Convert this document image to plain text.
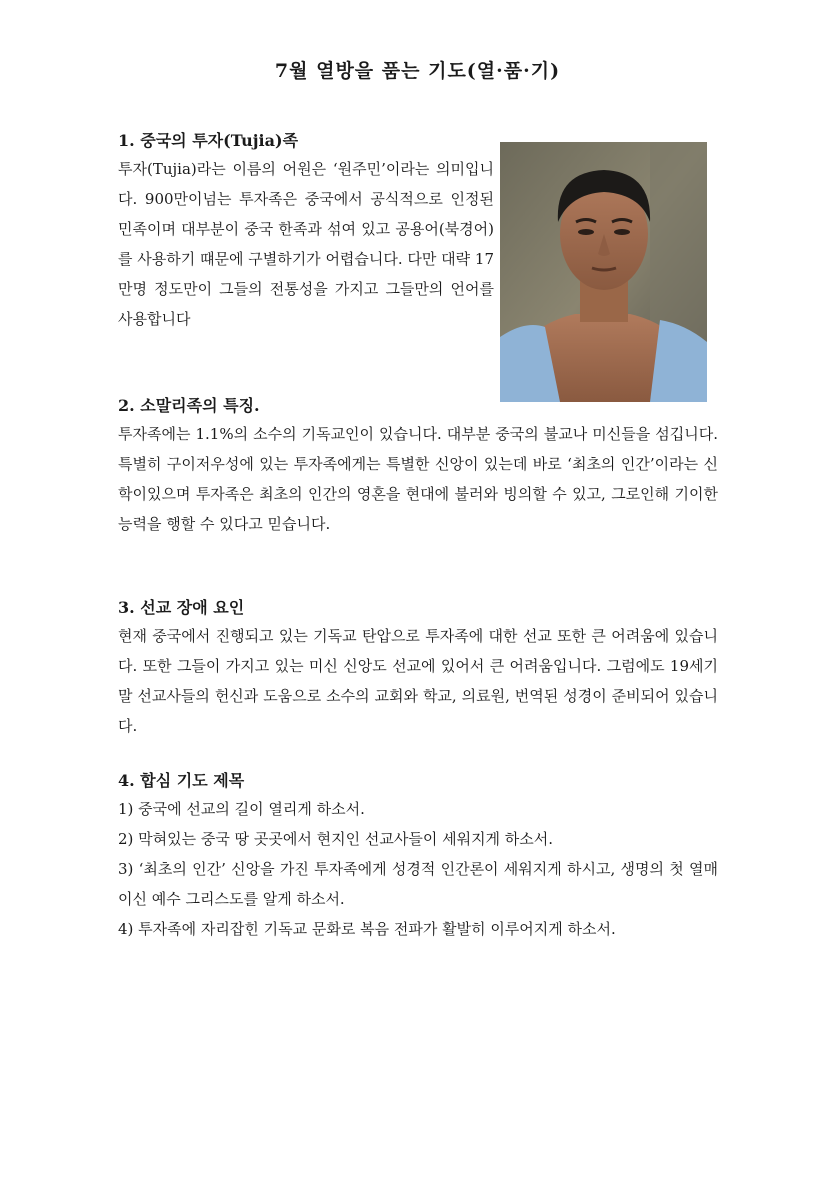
7월 열방을 품는 기도(열·품·기)

1. 중국의 투자(Tujia)족

투자(Tujia)라는 이름의 어원은 ‘원주민’이라는 의미입니다. 900만이넘는 투자족은 중국에서 공식적으로 인정된 민족이며 대부분이 중국 한족과 섞여 있고 공용어(북경어)를 사용하기 떄문에 구별하기가 어렵습니다. 다만 대략 17만명 정도만이 그들의 전통성을 가지고 그들만의 언어를 사용합니다

2. 소말리족의 특징.

투자족에는 1.1%의 소수의 기독교인이 있습니다. 대부분 중국의 불교나 미신들을 섬깁니다. 특별히 구이저우성에 있는 투자족에게는 특별한 신앙이 있는데 바로 ‘최초의 인간’이라는 신학이있으며 투자족은 최초의 인간의 영혼을 현대에 불러와 빙의할 수 있고, 그로인해 기이한 능력을 행할 수 있다고 믿습니다.

3. 선교 장애 요인

현재 중국에서 진행되고 있는 기독교 탄압으로 투자족에 대한 선교 또한 큰 어려움에 있습니다. 또한 그들이 가지고 있는 미신 신앙도 선교에 있어서 큰 어려움입니다. 그럼에도 19세기말 선교사들의 헌신과 도움으로 소수의 교회와 학교, 의료원, 번역된 성경이 준비되어 있습니다.

4. 합심 기도 제목

1) 중국에 선교의 길이 열리게 하소서.

2) 막혀있는 중국 땅 곳곳에서 현지인 선교사들이 세워지게 하소서.

3) ‘최초의 인간’ 신앙을 가진 투자족에게 성경적 인간론이 세워지게 하시고, 생명의 첫 열매이신 예수 그리스도를 알게 하소서.

4) 투자족에 자리잡힌 기독교 문화로 복음 전파가 활발히 이루어지게 하소서.
